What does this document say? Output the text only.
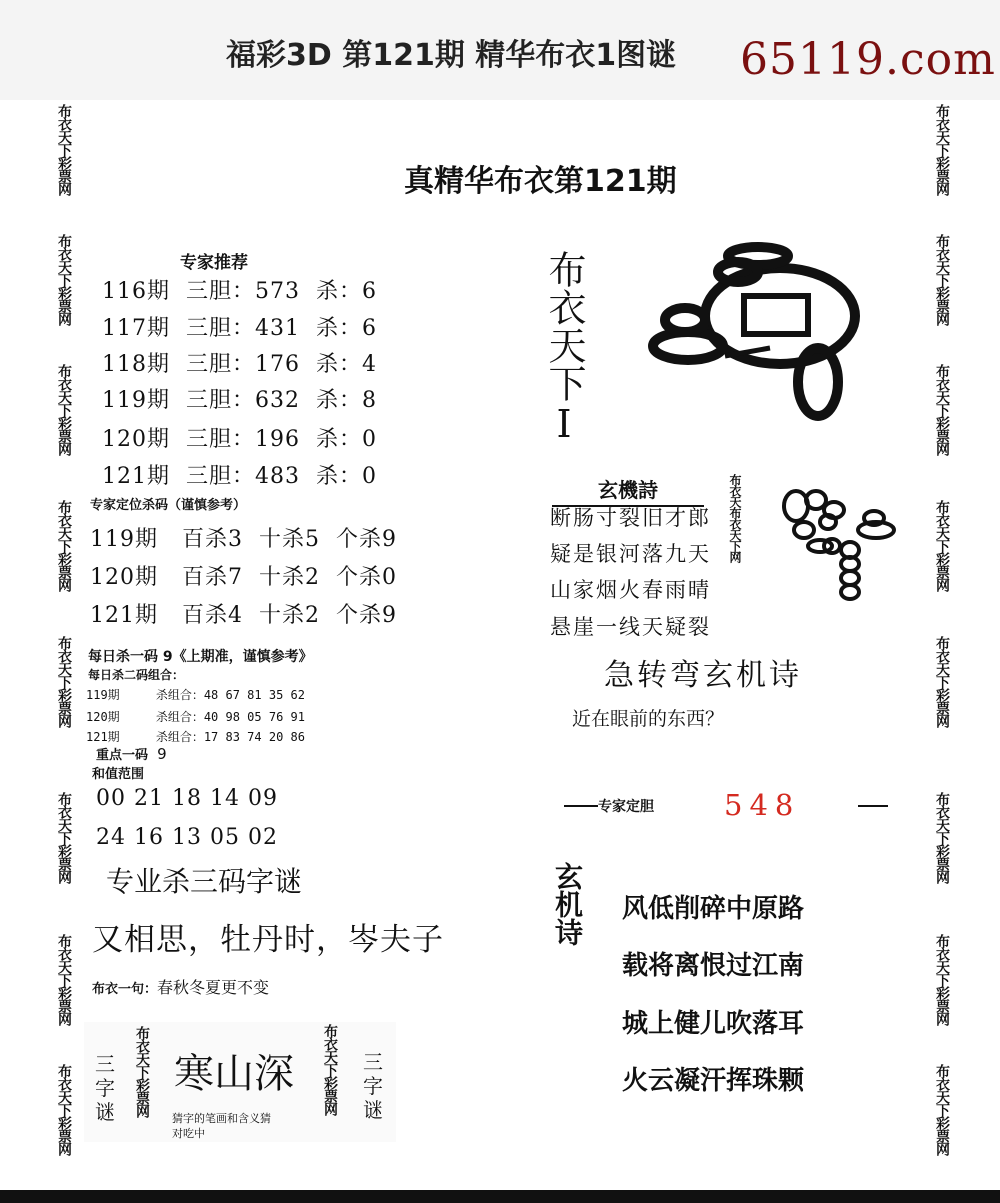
福彩3D 第121期 精华布衣1图谜 65119.com
布衣天下彩票网
布衣天下彩票网
布衣天下彩票网
布衣天下彩票网
布衣天下彩票网
布衣天下彩票网
布衣天下彩票网
布衣天下彩票网
布衣天下彩票网
布衣天下彩票网
布衣天下彩票网
布衣天下彩票网
布衣天下彩票网
布衣天下彩票网
布衣天下彩票网
布衣天下彩票网
真精华布衣第121期
专家推荐
116期 三胆：573 杀：6
117期 三胆：431 杀：6
118期 三胆：176 杀：4
119期 三胆：632 杀：8
120期 三胆：196 杀：0
121期 三胆：483 杀：0
专家定位杀码（谨慎参考）
119期 百杀3 十杀5 个杀9
120期 百杀7 十杀2 个杀0
121期 百杀4 十杀2 个杀9
每日杀一码 9《上期准，谨慎参考》
每日杀二码组合：
119期	杀组合：48 67 81 35 62
120期	杀组合：40 98 05 76 91
121期	杀组合：17 83 74 20 86
重点一码 9
和值范围
00 21 18 14 09
24 16 13 05 02
专业杀三码字谜
又相思，牡丹时，岑夫子
布衣一句：春秋冬夏更不变
三字谜 布衣天下彩票网 寒山深
猜字的笔画和含义猜
对吃中
布衣天下彩票网 三字谜
布衣天下I
玄機詩
断肠寸裂旧才郎
疑是银河落九天
山家烟火春雨晴
悬崖一线天疑裂
布衣天布衣天下网
急转弯玄机诗
近在眼前的东西？
专家定胆 548
玄机诗 风低削碎中原路
载将离恨过江南
城上健儿吹落耳
火云凝汗挥珠颗
